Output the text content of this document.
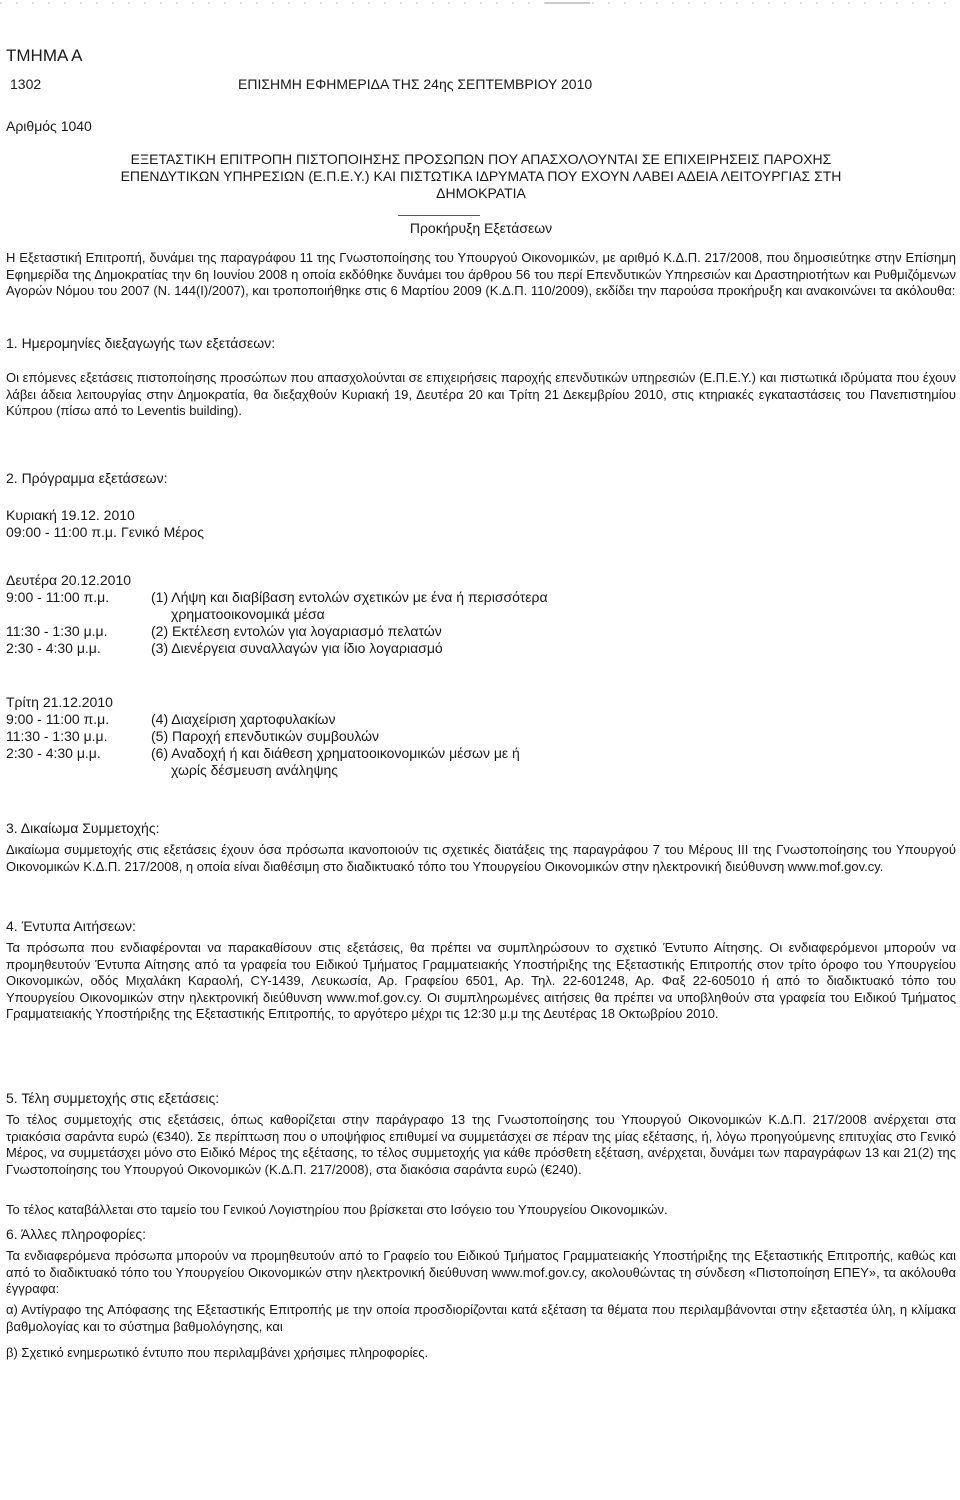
ΤΜΗΜΑ Α
1302	ΕΠΙΣΗΜΗ ΕΦΗΜΕΡΙΔΑ ΤΗΣ 24ης ΣΕΠΤΕΜΒΡΙΟΥ 2010
Αριθμός 1040
ΕΞΕΤΑΣΤΙΚΗ ΕΠΙΤΡΟΠΗ ΠΙΣΤΟΠΟΙΗΣΗΣ ΠΡΟΣΩΠΩΝ ΠΟΥ ΑΠΑΣΧΟΛΟΥΝΤΑΙ ΣΕ ΕΠΙΧΕΙΡΗΣΕΙΣ ΠΑΡΟΧΗΣ
ΕΠΕΝΔΥΤΙΚΩΝ ΥΠΗΡΕΣΙΩΝ (Ε.Π.Ε.Υ.) ΚΑΙ ΠΙΣΤΩΤΙΚΑ ΙΔΡΥΜΑΤΑ ΠΟΥ ΕΧΟΥΝ ΛΑΒΕΙ ΑΔΕΙΑ ΛΕΙΤΟΥΡΓΙΑΣ ΣΤΗ
ΔΗΜΟΚΡΑΤΙΑ
Προκήρυξη Εξετάσεων
Η Εξεταστική Επιτροπή, δυνάμει της παραγράφου 11 της Γνωστοποίησης του Υπουργού Οικονομικών, με αριθμό Κ.Δ.Π. 217/2008, που δημοσιεύτηκε στην Επίσημη Εφημερίδα της Δημοκρατίας την 6η Ιουνίου 2008 η οποία εκδόθηκε δυνάμει του άρθρου 56 του περί Επενδυτικών Υπηρεσιών και Δραστηριοτήτων και Ρυθμιζόμενων Αγορών Νόμου του 2007 (Ν. 144(Ι)/2007), και τροποποιήθηκε στις 6 Μαρτίου 2009 (Κ.Δ.Π. 110/2009), εκδίδει την παρούσα προκήρυξη και ανακοινώνει τα ακόλουθα:
1. Ημερομηνίες διεξαγωγής των εξετάσεων:
Οι επόμενες εξετάσεις πιστοποίησης προσώπων που απασχολούνται σε επιχειρήσεις παροχής επενδυτικών υπηρεσιών (Ε.Π.Ε.Υ.) και πιστωτικά ιδρύματα που έχουν λάβει άδεια λειτουργίας στην Δημοκρατία, θα διεξαχθούν Κυριακή 19, Δευτέρα 20 και Τρίτη 21 Δεκεμβρίου 2010, στις κτηριακές εγκαταστάσεις του Πανεπιστημίου Κύπρου (πίσω από το Leventis building).
2. Πρόγραμμα εξετάσεων:
Κυριακή 19.12. 2010
09:00 - 11:00 π.μ. Γενικό Μέρος
Δευτέρα 20.12.2010
9:00 - 11:00 π.μ.	(1) Λήψη και διαβίβαση εντολών σχετικών με ένα ή περισσότερα
χρηματοοικονομικά μέσα
11:30 - 1:30 μ.μ.	(2) Εκτέλεση εντολών για λογαριασμό πελατών
2:30 - 4:30 μ.μ.	(3) Διενέργεια συναλλαγών για ίδιο λογαριασμό
Τρίτη 21.12.2010
9:00 - 11:00 π.μ.	(4) Διαχείριση χαρτοφυλακίων
11:30 - 1:30 μ.μ.	(5) Παροχή επενδυτικών συμβουλών
2:30 - 4:30 μ.μ.	(6) Αναδοχή ή και διάθεση χρηματοοικονομικών μέσων με ή
χωρίς δέσμευση ανάληψης
3. Δικαίωμα Συμμετοχής:
Δικαίωμα συμμετοχής στις εξετάσεις έχουν όσα πρόσωπα ικανοποιούν τις σχετικές διατάξεις της παραγράφου 7 του Μέρους ΙΙΙ της Γνωστοποίησης του Υπουργού Οικονομικών Κ.Δ.Π. 217/2008, η οποία είναι διαθέσιμη στο διαδικτυακό τόπο του Υπουργείου Οικονομικών στην ηλεκτρονική διεύθυνση www.mof.gov.cy.
4. Έντυπα Αιτήσεων:
Τα πρόσωπα που ενδιαφέρονται να παρακαθίσουν στις εξετάσεις, θα πρέπει να συμπληρώσουν το σχετικό Έντυπο Αίτησης. Οι ενδιαφερόμενοι μπορούν να προμηθευτούν Έντυπα Αίτησης από τα γραφεία του Ειδικού Τμήματος Γραμματειακής Υποστήριξης της Εξεταστικής Επιτροπής στον τρίτο όροφο του Υπουργείου Οικονομικών, οδός Μιχαλάκη Καραολή, CY-1439, Λευκωσία, Αρ. Γραφείου 6501, Αρ. Τηλ. 22-601248, Αρ. Φαξ 22-605010 ή από το διαδικτυακό τόπο του Υπουργείου Οικονομικών στην ηλεκτρονική διεύθυνση www.mof.gov.cy. Οι συμπληρωμένες αιτήσεις θα πρέπει να υποβληθούν στα γραφεία του Ειδικού Τμήματος Γραμματειακής Υποστήριξης της Εξεταστικής Επιτροπής, το αργότερο μέχρι τις 12:30 μ.μ της Δευτέρας 18 Οκτωβρίου 2010.
5. Τέλη συμμετοχής στις εξετάσεις:
Το τέλος συμμετοχής στις εξετάσεις, όπως καθορίζεται στην παράγραφο 13 της Γνωστοποίησης του Υπουργού Οικονομικών Κ.Δ.Π. 217/2008 ανέρχεται στα τριακόσια σαράντα ευρώ (€340). Σε περίπτωση που ο υποψήφιος επιθυμεί να συμμετάσχει σε πέραν της μίας εξέτασης, ή, λόγω προηγούμενης επιτυχίας στο Γενικό Μέρος, να συμμετάσχει μόνο στο Ειδικό Μέρος της εξέτασης, το τέλος συμμετοχής για κάθε πρόσθετη εξέταση, ανέρχεται, δυνάμει των παραγράφων 13 και 21(2) της Γνωστοποίησης του Υπουργού Οικονομικών (Κ.Δ.Π. 217/2008), στα διακόσια σαράντα ευρώ (€240).
Το τέλος καταβάλλεται στο ταμείο του Γενικού Λογιστηρίου που βρίσκεται στο Ισόγειο του Υπουργείου Οικονομικών.
6. Άλλες πληροφορίες:
Τα ενδιαφερόμενα πρόσωπα μπορούν να προμηθευτούν από το Γραφείο του Ειδικού Τμήματος Γραμματειακής Υποστήριξης της Εξεταστικής Επιτροπής, καθώς και από το διαδικτυακό τόπο του Υπουργείου Οικονομικών στην ηλεκτρονική διεύθυνση www.mof.gov.cy, ακολουθώντας τη σύνδεση «Πιστοποίηση ΕΠΕΥ», τα ακόλουθα έγγραφα:
α) Αντίγραφο της Απόφασης της Εξεταστικής Επιτροπής με την οποία προσδιορίζονται κατά εξέταση τα θέματα που περιλαμβάνονται στην εξεταστέα ύλη, η κλίμακα βαθμολογίας και το σύστημα βαθμολόγησης, και
β) Σχετικό ενημερωτικό έντυπο που περιλαμβάνει χρήσιμες πληροφορίες.
